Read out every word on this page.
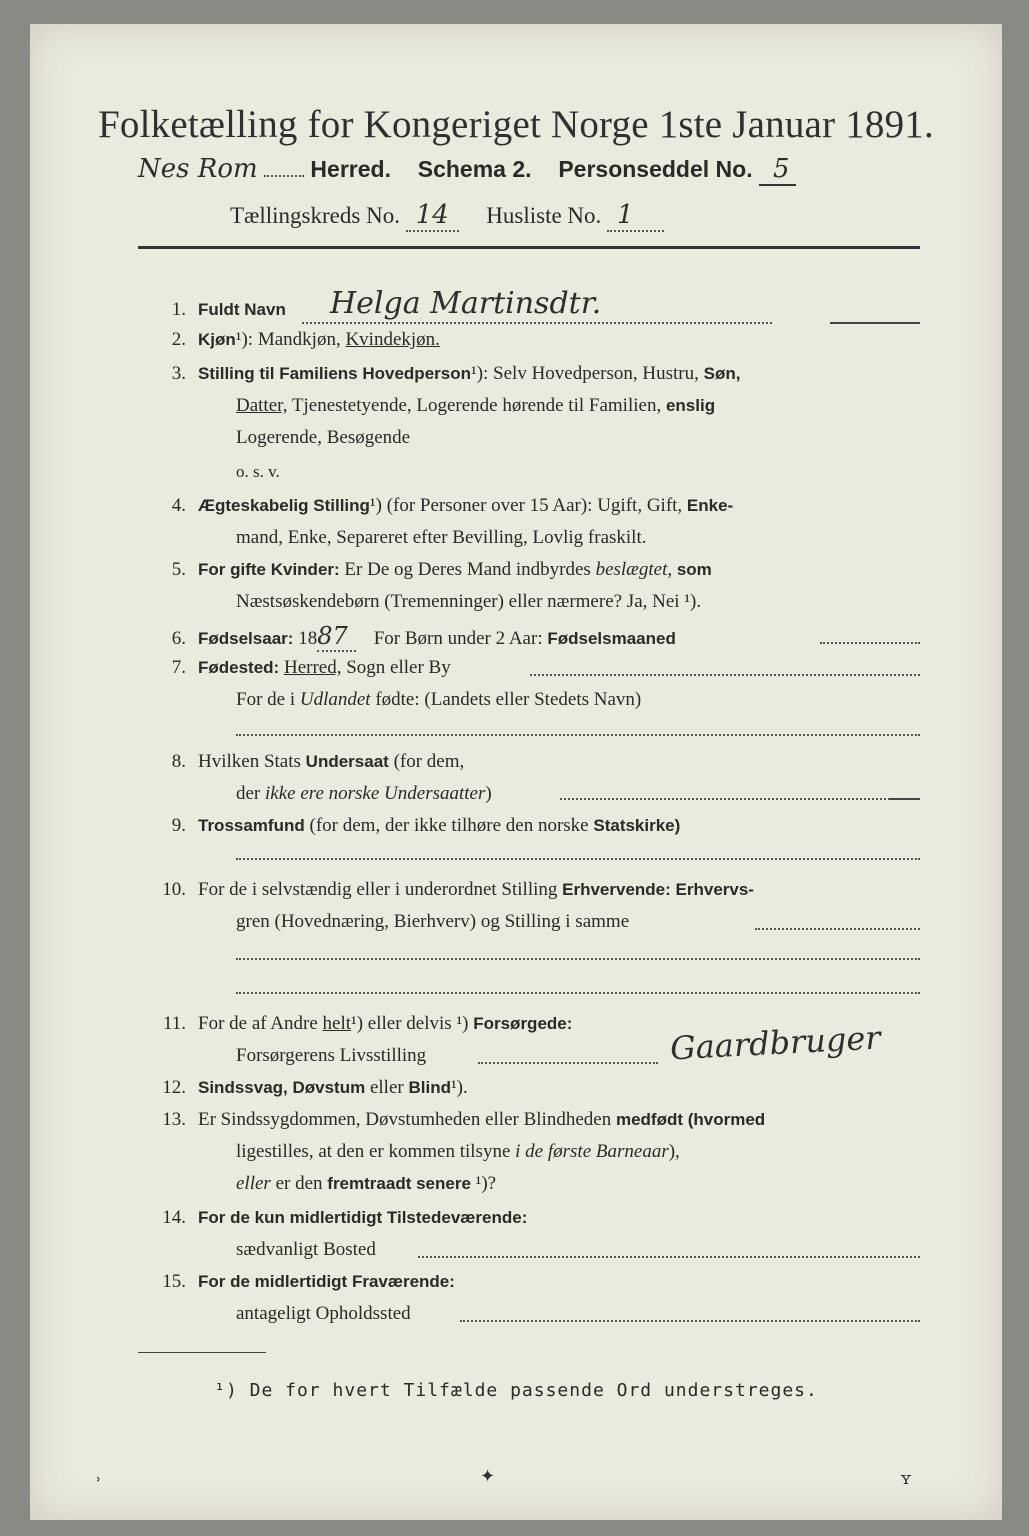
Folketælling for Kongeriget Norge 1ste Januar 1891.
Nes Rom Herred. Schema 2. Personseddel No. 5
Tællingskreds No. 14 Husliste No. 1
1. Fuldt Navn Helga Martinsdtr.
2. Kjøn¹): Mandkjøn, Kvindekjøn.
3. Stilling til Familiens Hovedperson¹): Selv Hovedperson, Hustru, Søn,
Datter, Tjenestetyende, Logerende hørende til Familien, enslig
Logerende, Besøgende
o. s. v.
4. Ægteskabelig Stilling¹) (for Personer over 15 Aar): Ugift, Gift, Enke-
mand, Enke, Separeret efter Bevilling, Lovlig fraskilt.
5. For gifte Kvinder: Er De og Deres Mand indbyrdes beslægtet, som
Næstsøskendebørn (Tremenninger) eller nærmere? Ja, Nei ¹).
6. Fødselsaar: 1887 For Børn under 2 Aar: Fødselsmaaned
7. Fødested: Herred, Sogn eller By
For de i Udlandet fødte: (Landets eller Stedets Navn)
8. Hvilken Stats Undersaat (for dem,
der ikke ere norske Undersaatter)
9. Trossamfund (for dem, der ikke tilhøre den norske Statskirke)
10. For de i selvstændig eller i underordnet Stilling Erhvervende: Erhvervs-
gren (Hovednæring, Bierhverv) og Stilling i samme
11. For de af Andre helt¹) eller delvis ¹) Forsørgede:
Forsørgerens Livsstilling	Gaardbruger
12. Sindssvag, Døvstum eller Blind¹).
13. Er Sindssygdommen, Døvstumheden eller Blindheden medfødt (hvormed
ligestilles, at den er kommen tilsyne i de første Barneaar),
eller er den fremtraadt senere ¹)?
14. For de kun midlertidigt Tilstedeværende:
sædvanligt Bosted
15. For de midlertidigt Fraværende:
antageligt Opholdssted
¹) De for hvert Tilfælde passende Ord understreges.
˒	✦	ʏ
